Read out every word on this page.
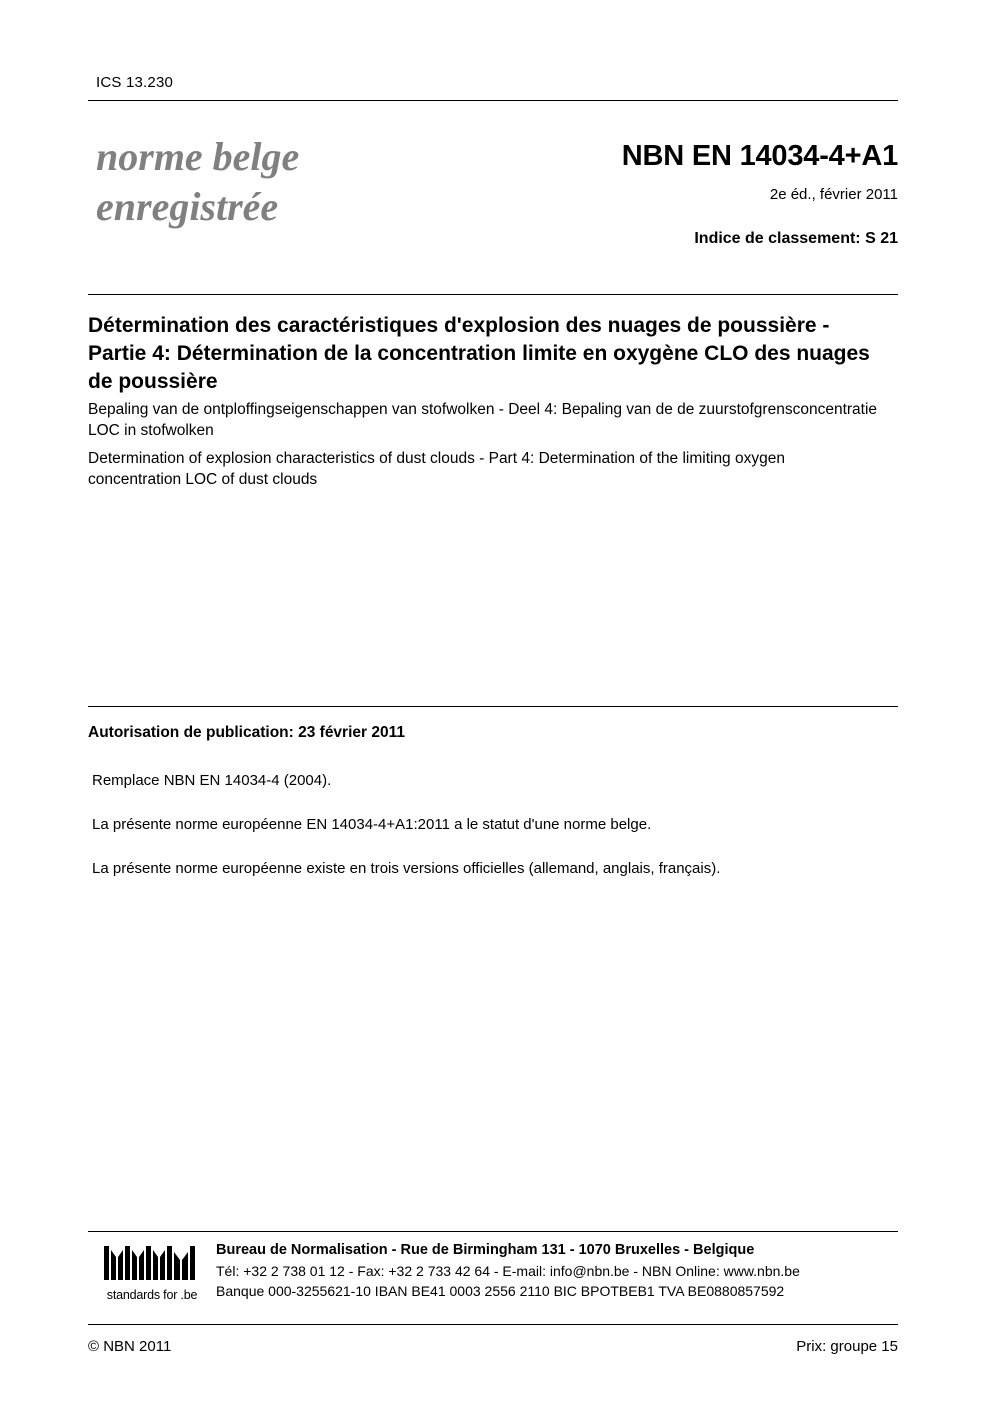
ICS 13.230
norme belge
enregistrée
NBN EN 14034-4+A1
2e éd., février 2011
Indice de classement: S 21
Détermination des caractéristiques d'explosion des nuages de poussière - Partie 4: Détermination de la concentration limite en oxygène CLO des nuages de poussière
Bepaling van de ontploffingseigenschappen van stofwolken - Deel 4: Bepaling van de de zuurstofgrensconcentratie LOC in stofwolken
Determination of explosion characteristics of dust clouds - Part 4: Determination of the limiting oxygen concentration LOC of dust clouds
Autorisation de publication: 23 février 2011

Remplace NBN EN 14034-4 (2004).

La présente norme européenne EN 14034-4+A1:2011 a le statut d'une norme belge.

La présente norme européenne existe en trois versions officielles (allemand, anglais, français).

standards for .be
Bureau de Normalisation - Rue de Birmingham 131 - 1070 Bruxelles - Belgique
Tél: +32 2 738 01 12 - Fax: +32 2 733 42 64 - E-mail: info@nbn.be - NBN Online: www.nbn.be
Banque 000-3255621-10 IBAN BE41 0003 2556 2110 BIC BPOTBEB1 TVA BE0880857592
© NBN 2011	Prix: groupe 15
